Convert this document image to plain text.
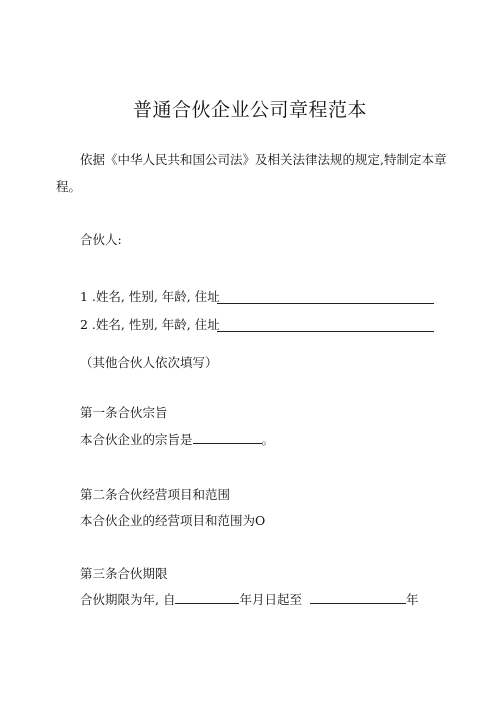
普通合伙企业公司章程范本
依据《中华人民共和国公司法》及相关法律法规的规定,特制定本章
程。
合伙人:
1 .姓名, 性别, 年龄, 住址
2 .姓名, 性别, 年龄, 住址
（其他合伙人依次填写）
第一条合伙宗旨
本合伙企业的宗旨是	。
第二条合伙经营项目和范围
本合伙企业的经营项目和范围为O
第三条合伙期限
合伙期限为年, 自	年月日起至	年
